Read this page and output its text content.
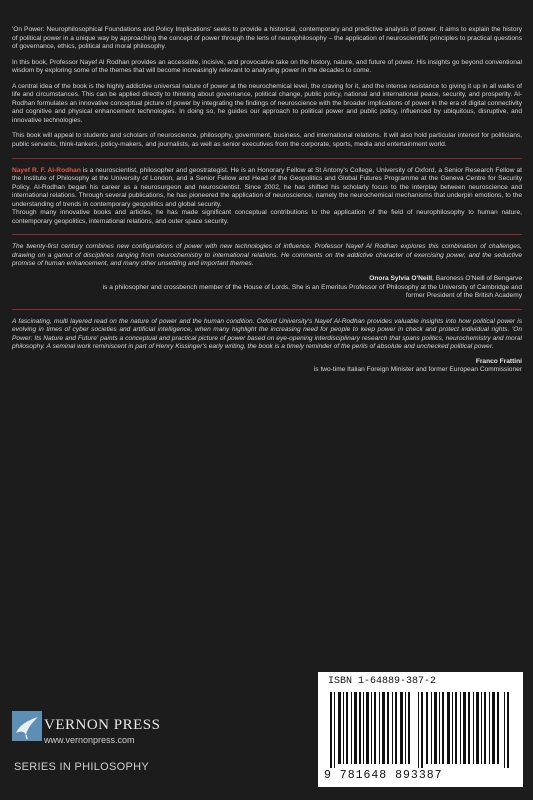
'On Power: Neurophilosophical Foundations and Policy Implications' seeks to provide a historical, contemporary and predictive analysis of power. It aims to explain the history of political power in a unique way by approaching the concept of power through the lens of neurophilosophy – the application of neuroscientific principles to practical questions of governance, ethics, political and moral philosophy.

In this book, Professor Nayef Al Rodhan provides an accessible, incisive, and provocative take on the history, nature, and future of power. His insights go beyond conventional wisdom by exploring some of the themes that will become increasingly relevant to analysing power in the decades to come.

A central idea of the book is the highly addictive universal nature of power at the neurochemical level, the craving for it, and the intense resistance to giving it up in all walks of life and circumstances. This can be applied directly to thinking about governance, political change, public policy, national and international peace, security, and prosperity. Al-Rodhan formulates an innovative conceptual picture of power by integrating the findings of neuroscience with the broader implications of power in the era of digital connectivity and cognitive and physical enhancement technologies. In doing so, he guides our approach to political power and public policy, influenced by ubiquitous, disruptive, and innovative technologies.

This book will appeal to students and scholars of neuroscience, philosophy, government, business, and international relations. It will also hold particular interest for politicians, public servants, think-tankers, policy-makers, and journalists, as well as senior executives from the corporate, sports, media and entertainment world.

Nayef R. F. Al-Rodhan is a neuroscientist, philosopher and geostrategist. He is an Honorary Fellow at St Antony's College, University of Oxford, a Senior Research Fellow at the Institute of Philosophy at the University of London, and a Senior Fellow and Head of the Geopolitics and Global Futures Programme at the Geneva Centre for Security Policy. Al-Rodhan began his career as a neurosurgeon and neuroscientist. Since 2002, he has shifted his scholarly focus to the interplay between neuroscience and international relations. Through several publications, he has pioneered the application of neuroscience, namely the neurochemical mechanisms that underpin emotions, to the understanding of trends in contemporary geopolitics and global security.

Through many innovative books and articles, he has made significant conceptual contributions to the application of the field of neurophilosophy to human nature, contemporary geopolitics, international relations, and outer space security.

The twenty-first century combines new configurations of power with new technologies of influence. Professor Nayef Al Rodhan explores this combination of challenges, drawing on a gamut of disciplines ranging from neurochemistry to international relations. He comments on the addictive character of exercising power, and the seductive promise of human enhancement, and many other unsettling and important themes.

Onora Sylvia O'Neill, Baroness O'Neill of Bengarve
is a philosopher and crossbench member of the House of Lords. She is an Emeritus Professor of Philosophy at the University of Cambridge and former President of the British Academy

A fascinating, multi layered read on the nature of power and the human condition. Oxford University's Nayef Al-Rodhan provides valuable insights into how political power is evolving in times of cyber societies and artificial intelligence, when many highlight the increasing need for people to keep power in check and protect individual rights. 'On Power: Its Nature and Future' paints a conceptual and practical picture of power based on eye-opening interdisciplinary research that spans politics, neurochemistry and moral philosophy. A seminal work reminiscent in part of Henry Kissinger's early writing, the book is a timely reminder of the perils of absolute and unchecked political power.

Franco Frattini
is two-time Italian Foreign Minister and former European Commissioner
VERNON PRESS
www.vernonpress.com
SERIES IN PHILOSOPHY
ISBN 1-64889-387-2
9 781648 893387
